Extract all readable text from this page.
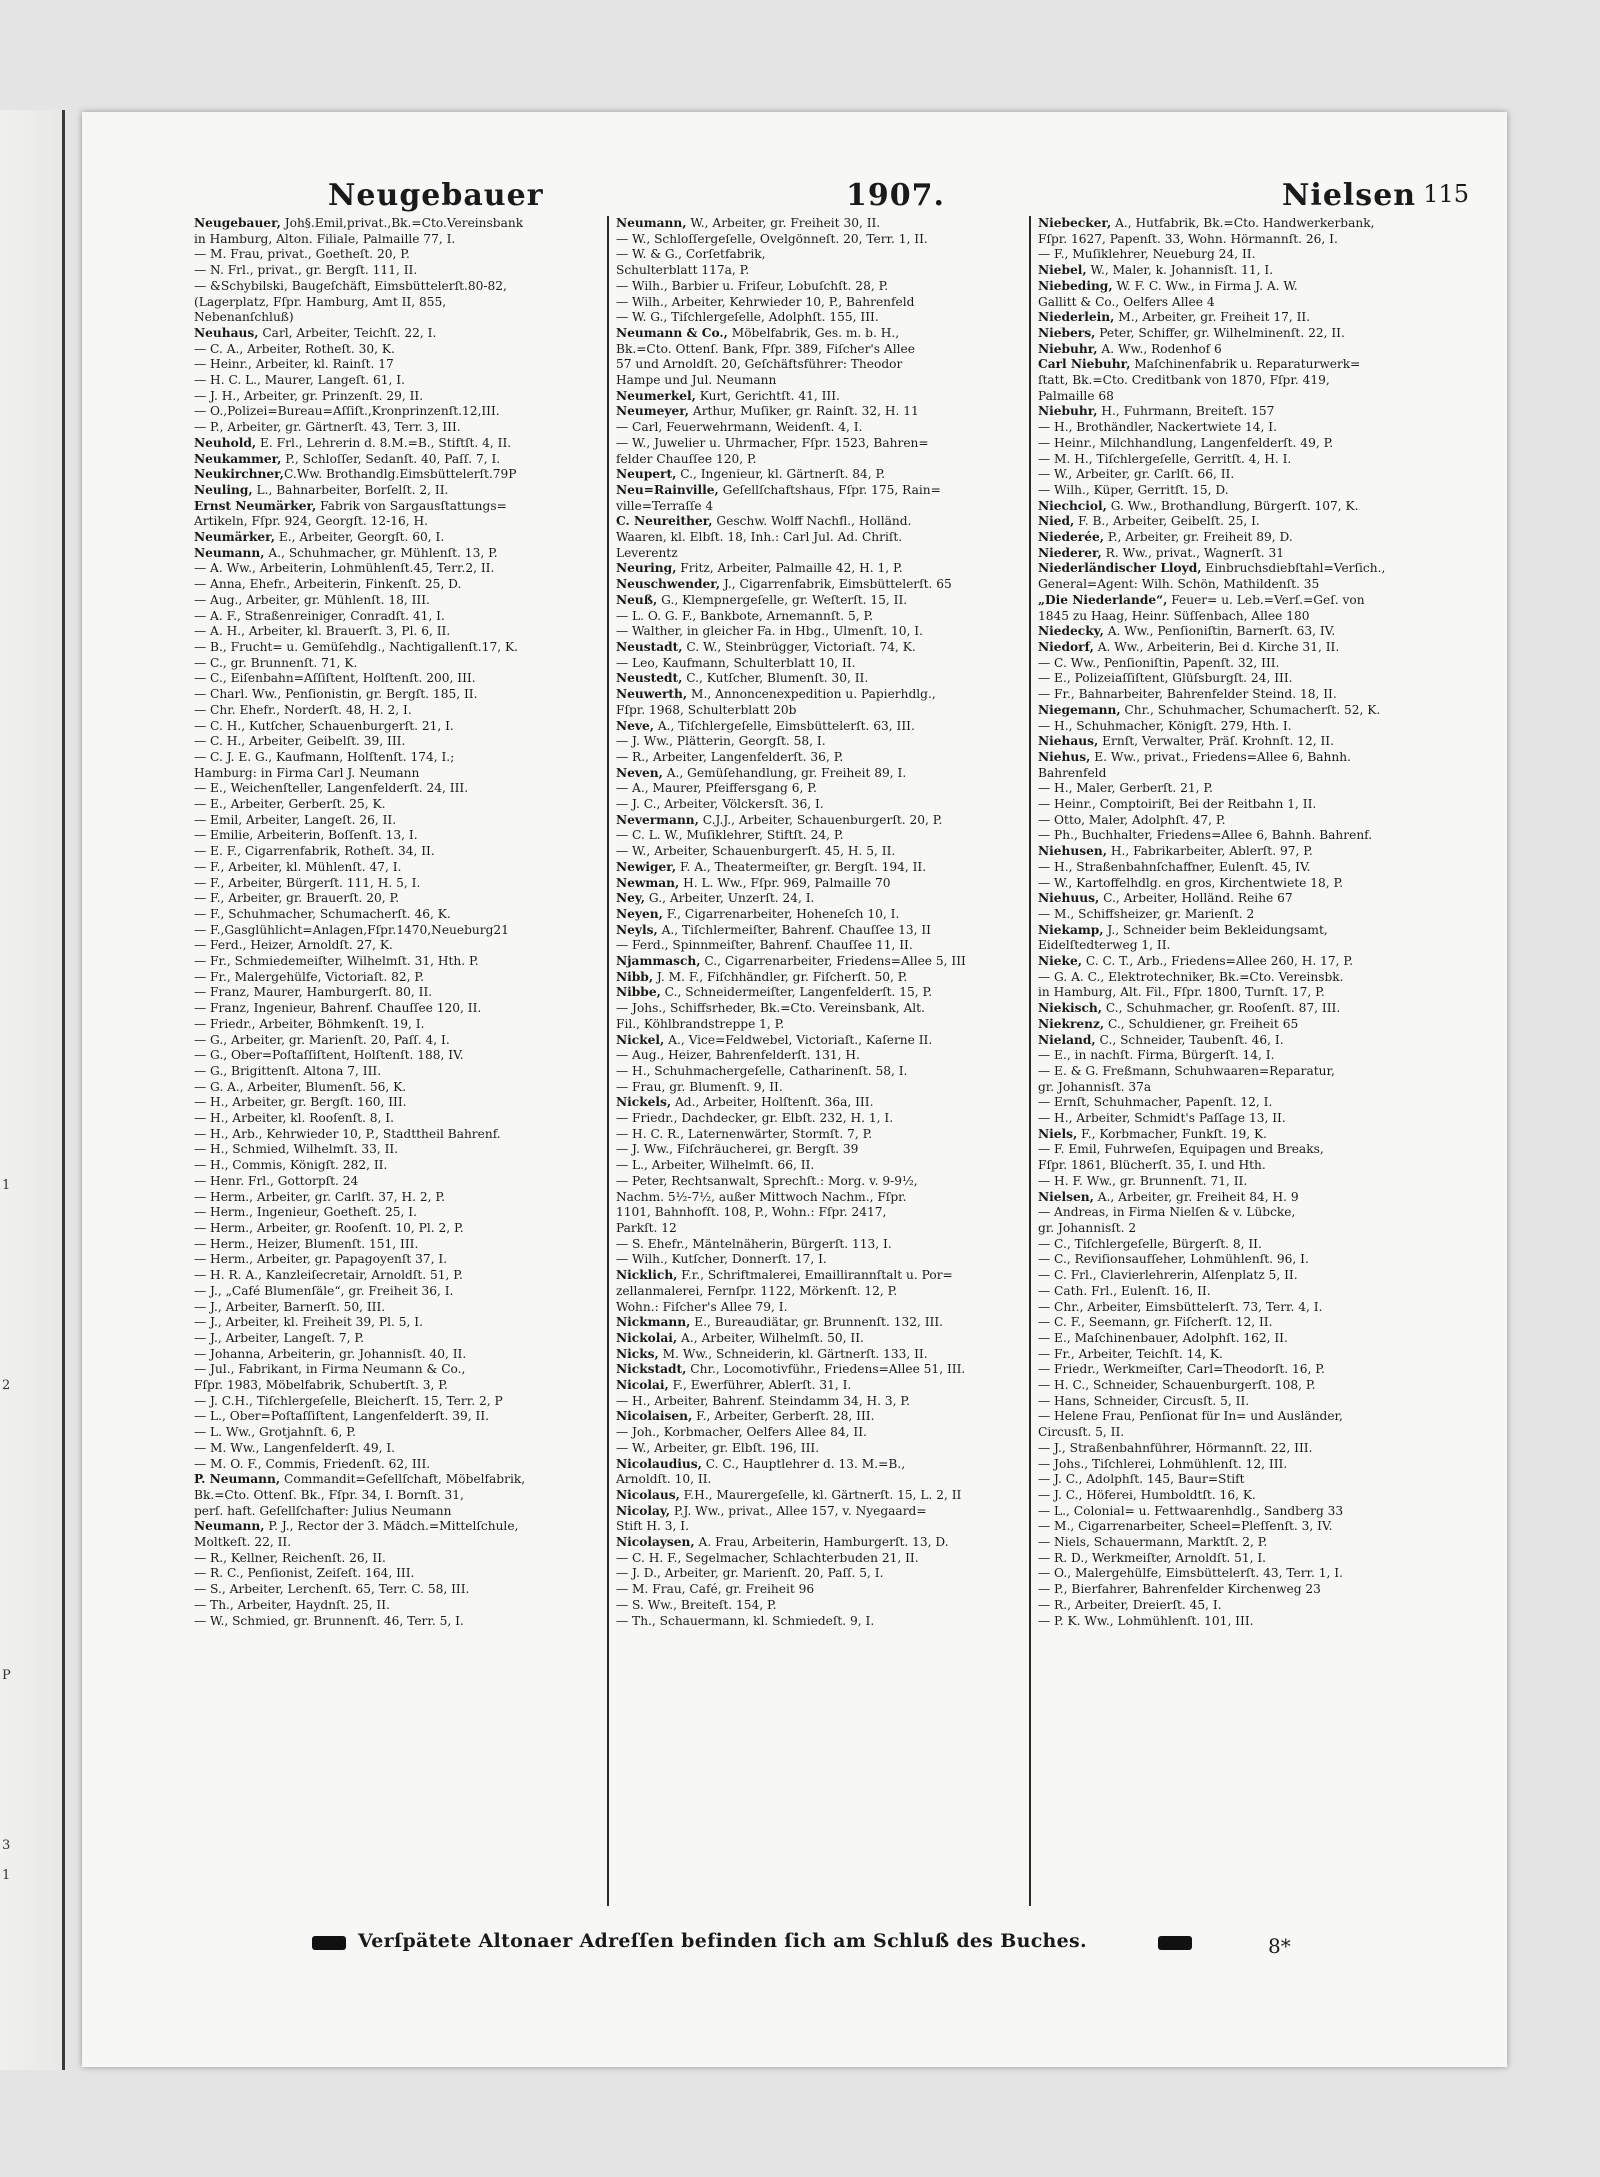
1
2
P
3
1
Neugebauer	1907.	Nielsen 115
Neugebauer, Joh§.Emil,privat.,Bk.=Cto.Vereinsbank
in Hamburg, Alton. Filiale, Palmaille 77, I.
— M. Frau, privat., Goetheſt. 20, P.
— N. Frl., privat., gr. Bergſt. 111, II.
— &Schybilski, Baugeſchäft, Eimsbüttelerſt.80-82,
(Lagerplatz, Fſpr. Hamburg, Amt II, 855,
Nebenanſchluß)
Neuhaus, Carl, Arbeiter, Teichſt. 22, I.
— C. A., Arbeiter, Rotheſt. 30, K.
— Heinr., Arbeiter, kl. Rainſt. 17
— H. C. L., Maurer, Langeſt. 61, I.
— J. H., Arbeiter, gr. Prinzenſt. 29, II.
— O.,Polizei=Bureau=Aſſiſt.,Kronprinzenſt.12,III.
— P., Arbeiter, gr. Gärtnerſt. 43, Terr. 3, III.
Neuhold, E. Frl., Lehrerin d. 8.M.=B., Stiftſt. 4, II.
Neukammer, P., Schloſſer, Sedanſt. 40, Paſſ. 7, I.
Neukirchner,C.Ww. Brothandlg.Eimsbüttelerſt.79P
Neuling, L., Bahnarbeiter, Borſelſt. 2, II.
Ernst Neumärker, Fabrik von Sargausſtattungs=
Artikeln, Fſpr. 924, Georgſt. 12-16, H.
Neumärker, E., Arbeiter, Georgſt. 60, I.
Neumann, A., Schuhmacher, gr. Mühlenſt. 13, P.
— A. Ww., Arbeiterin, Lohmühlenſt.45, Terr.2, II.
— Anna, Ehefr., Arbeiterin, Finkenſt. 25, D.
— Aug., Arbeiter, gr. Mühlenſt. 18, III.
— A. F., Straßenreiniger, Conradſt. 41, I.
— A. H., Arbeiter, kl. Brauerſt. 3, Pl. 6, II.
— B., Frucht= u. Gemüſehdlg., Nachtigallenſt.17, K.
— C., gr. Brunnenſt. 71, K.
— C., Eiſenbahn=Aſſiſtent, Holſtenſt. 200, III.
— Charl. Ww., Penſionistin, gr. Bergſt. 185, II.
— Chr. Ehefr., Norderſt. 48, H. 2, I.
— C. H., Kutſcher, Schauenburgerſt. 21, I.
— C. H., Arbeiter, Geibelſt. 39, III.
— C. J. E. G., Kaufmann, Holſtenſt. 174, I.;
Hamburg: in Firma Carl J. Neumann
— E., Weichenſteller, Langenfelderſt. 24, III.
— E., Arbeiter, Gerberſt. 25, K.
— Emil, Arbeiter, Langeſt. 26, II.
— Emilie, Arbeiterin, Boſſenſt. 13, I.
— E. F., Cigarrenfabrik, Rotheſt. 34, II.
— F., Arbeiter, kl. Mühlenſt. 47, I.
— F., Arbeiter, Bürgerſt. 111, H. 5, I.
— F., Arbeiter, gr. Brauerſt. 20, P.
— F., Schuhmacher, Schumacherſt. 46, K.
— F.,Gasglühlicht=Anlagen,Fſpr.1470,Neueburg21
— Ferd., Heizer, Arnoldſt. 27, K.
— Fr., Schmiedemeiſter, Wilhelmſt. 31, Hth. P.
— Fr., Malergehülfe, Victoriaſt. 82, P.
— Franz, Maurer, Hamburgerſt. 80, II.
— Franz, Ingenieur, Bahrenf. Chauſſee 120, II.
— Friedr., Arbeiter, Böhmkenſt. 19, I.
— G., Arbeiter, gr. Marienſt. 20, Paſſ. 4, I.
— G., Ober=Poſtaſſiſtent, Holſtenſt. 188, IV.
— G., Brigittenſt. Altona 7, III.
— G. A., Arbeiter, Blumenſt. 56, K.
— H., Arbeiter, gr. Bergſt. 160, III.
— H., Arbeiter, kl. Rooſenſt. 8, I.
— H., Arb., Kehrwieder 10, P., Stadttheil Bahrenf.
— H., Schmied, Wilhelmſt. 33, II.
— H., Commis, Königſt. 282, II.
— Henr. Frl., Gottorpſt. 24
— Herm., Arbeiter, gr. Carlſt. 37, H. 2, P.
— Herm., Ingenieur, Goetheſt. 25, I.
— Herm., Arbeiter, gr. Rooſenſt. 10, Pl. 2, P.
— Herm., Heizer, Blumenſt. 151, III.
— Herm., Arbeiter, gr. Papagoyenſt 37, I.
— H. R. A., Kanzleiſecretair, Arnoldſt. 51, P.
— J., „Café Blumenſäle“, gr. Freiheit 36, I.
— J., Arbeiter, Barnerſt. 50, III.
— J., Arbeiter, kl. Freiheit 39, Pl. 5, I.
— J., Arbeiter, Langeſt. 7, P.
— Johanna, Arbeiterin, gr. Johannisſt. 40, II.
— Jul., Fabrikant, in Firma Neumann & Co.,
Fſpr. 1983, Möbelfabrik, Schubertſt. 3, P.
— J. C.H., Tiſchlergeſelle, Bleicherſt. 15, Terr. 2, P
— L., Ober=Poſtaſſiſtent, Langenfelderſt. 39, II.
— L. Ww., Grotjahnſt. 6, P.
— M. Ww., Langenfelderſt. 49, I.
— M. O. F., Commis, Friedenſt. 62, III.
P. Neumann, Commandit=Geſellſchaft, Möbelfabrik,
Bk.=Cto. Ottenſ. Bk., Fſpr. 34, I. Bornſt. 31,
perſ. haft. Geſellſchafter: Julius Neumann
Neumann, P. J., Rector der 3. Mädch.=Mittelſchule,
Moltkeſt. 22, II.
— R., Kellner, Reichenſt. 26, II.
— R. C., Penſionist, Zeiſeſt. 164, III.
— S., Arbeiter, Lerchenſt. 65, Terr. C. 58, III.
— Th., Arbeiter, Haydnſt. 25, II.
— W., Schmied, gr. Brunnenſt. 46, Terr. 5, I.
Neumann, W., Arbeiter, gr. Freiheit 30, II.
— W., Schloſſergeſelle, Ovelgönneſt. 20, Terr. 1, II.
— W. & G., Corſetfabrik,
Schulterblatt 117a, P.
— Wilh., Barbier u. Friſeur, Lobuſchſt. 28, P.
— Wilh., Arbeiter, Kehrwieder 10, P., Bahrenfeld
— W. G., Tiſchlergeſelle, Adolphſt. 155, III.
Neumann & Co., Möbelfabrik, Ges. m. b. H.,
Bk.=Cto. Ottenſ. Bank, Fſpr. 389, Fiſcher's Allee
57 und Arnoldſt. 20, Geſchäftsführer: Theodor
Hampe und Jul. Neumann
Neumerkel, Kurt, Gerichtſt. 41, III.
Neumeyer, Arthur, Muſiker, gr. Rainſt. 32, H. 11
— Carl, Feuerwehrmann, Weidenſt. 4, I.
— W., Juwelier u. Uhrmacher, Fſpr. 1523, Bahren=
felder Chauſſee 120, P.
Neupert, C., Ingenieur, kl. Gärtnerſt. 84, P.
Neu=Rainville, Geſellſchaftshaus, Fſpr. 175, Rain=
ville=Terraſſe 4
C. Neureither, Geschw. Wolff Nachfl., Holländ.
Waaren, kl. Elbſt. 18, Inh.: Carl Jul. Ad. Chriſt.
Leverentz
Neuring, Fritz, Arbeiter, Palmaille 42, H. 1, P.
Neuschwender, J., Cigarrenfabrik, Eimsbüttelerſt. 65
Neuß, G., Klempnergeſelle, gr. Weſterſt. 15, II.
— L. O. G. F., Bankbote, Arnemannſt. 5, P.
— Walther, in gleicher Fa. in Hbg., Ulmenſt. 10, I.
Neustadt, C. W., Steinbrügger, Victoriaſt. 74, K.
— Leo, Kaufmann, Schulterblatt 10, II.
Neustedt, C., Kutſcher, Blumenſt. 30, II.
Neuwerth, M., Annoncenexpedition u. Papierhdlg.,
Fſpr. 1968, Schulterblatt 20b
Neve, A., Tiſchlergeſelle, Eimsbüttelerſt. 63, III.
— J. Ww., Plätterin, Georgſt. 58, I.
— R., Arbeiter, Langenfelderſt. 36, P.
Neven, A., Gemüſehandlung, gr. Freiheit 89, I.
— A., Maurer, Pfeiffersgang 6, P.
— J. C., Arbeiter, Völckersſt. 36, I.
Nevermann, C.J.J., Arbeiter, Schauenburgerſt. 20, P.
— C. L. W., Muſiklehrer, Stiftſt. 24, P.
— W., Arbeiter, Schauenburgerſt. 45, H. 5, II.
Newiger, F. A., Theatermeiſter, gr. Bergſt. 194, II.
Newman, H. L. Ww., Fſpr. 969, Palmaille 70
Ney, G., Arbeiter, Unzerſt. 24, I.
Neyen, F., Cigarrenarbeiter, Hoheneſch 10, I.
Neyls, A., Tiſchlermeiſter, Bahrenf. Chauſſee 13, II
— Ferd., Spinnmeiſter, Bahrenf. Chauſſee 11, II.
Njammasch, C., Cigarrenarbeiter, Friedens=Allee 5, III
Nibb, J. M. F., Fiſchhändler, gr. Fiſcherſt. 50, P.
Nibbe, C., Schneidermeiſter, Langenfelderſt. 15, P.
— Johs., Schiffsrheder, Bk.=Cto. Vereinsbank, Alt.
Fil., Köhlbrandstreppe 1, P.
Nickel, A., Vice=Feldwebel, Victoriaſt., Kaſerne II.
— Aug., Heizer, Bahrenfelderſt. 131, H.
— H., Schuhmachergeſelle, Catharinenſt. 58, I.
— Frau, gr. Blumenſt. 9, II.
Nickels, Ad., Arbeiter, Holſtenſt. 36a, III.
— Friedr., Dachdecker, gr. Elbſt. 232, H. 1, I.
— H. C. R., Laternenwärter, Stormſt. 7, P.
— J. Ww., Fiſchräucherei, gr. Bergſt. 39
— L., Arbeiter, Wilhelmſt. 66, II.
— Peter, Rechtsanwalt, Sprechſt.: Morg. v. 9-9½,
Nachm. 5½-7½, außer Mittwoch Nachm., Fſpr.
1101, Bahnhofſt. 108, P., Wohn.: Fſpr. 2417,
Parkſt. 12
— S. Ehefr., Mäntelnäherin, Bürgerſt. 113, I.
— Wilh., Kutſcher, Donnerſt. 17, I.
Nicklich, F.r., Schriftmalerei, Emaillirannſtalt u. Por=
zellanmalerei, Fernſpr. 1122, Mörkenſt. 12, P.
Wohn.: Fiſcher's Allee 79, I.
Nickmann, E., Bureaudiätar, gr. Brunnenſt. 132, III.
Nickolai, A., Arbeiter, Wilhelmſt. 50, II.
Nicks, M. Ww., Schneiderin, kl. Gärtnerſt. 133, II.
Nickstadt, Chr., Locomotivführ., Friedens=Allee 51, III.
Nicolai, F., Ewerführer, Ablerſt. 31, I.
— H., Arbeiter, Bahrenf. Steindamm 34, H. 3, P.
Nicolaisen, F., Arbeiter, Gerberſt. 28, III.
— Joh., Korbmacher, Oelfers Allee 84, II.
— W., Arbeiter, gr. Elbſt. 196, III.
Nicolaudius, C. C., Hauptlehrer d. 13. M.=B.,
Arnoldſt. 10, II.
Nicolaus, F.H., Maurergeſelle, kl. Gärtnerſt. 15, L. 2, II
Nicolay, P.J. Ww., privat., Allee 157, v. Nyegaard=
Stift H. 3, I.
Nicolaysen, A. Frau, Arbeiterin, Hamburgerſt. 13, D.
— C. H. F., Segelmacher, Schlachterbuden 21, II.
— J. D., Arbeiter, gr. Marienſt. 20, Paſſ. 5, I.
— M. Frau, Café, gr. Freiheit 96
— S. Ww., Breiteſt. 154, P.
— Th., Schauermann, kl. Schmiedeſt. 9, I.
Niebecker, A., Hutfabrik, Bk.=Cto. Handwerkerbank,
Fſpr. 1627, Papenſt. 33, Wohn. Hörmannſt. 26, I.
— F., Muſiklehrer, Neueburg 24, II.
Niebel, W., Maler, k. Johannisſt. 11, I.
Niebeding, W. F. C. Ww., in Firma J. A. W.
Gallitt & Co., Oelfers Allee 4
Niederlein, M., Arbeiter, gr. Freiheit 17, II.
Niebers, Peter, Schiffer, gr. Wilhelminenſt. 22, II.
Niebuhr, A. Ww., Rodenhof 6
Carl Niebuhr, Maſchinenfabrik u. Reparaturwerk=
ſtatt, Bk.=Cto. Creditbank von 1870, Fſpr. 419,
Palmaille 68
Niebuhr, H., Fuhrmann, Breiteſt. 157
— H., Brothändler, Nackertwiete 14, I.
— Heinr., Milchhandlung, Langenfelderſt. 49, P.
— M. H., Tiſchlergeſelle, Gerritſt. 4, H. I.
— W., Arbeiter, gr. Carlſt. 66, II.
— Wilh., Küper, Gerritſt. 15, D.
Niechciol, G. Ww., Brothandlung, Bürgerſt. 107, K.
Nied, F. B., Arbeiter, Geibelſt. 25, I.
Niederée, P., Arbeiter, gr. Freiheit 89, D.
Niederer, R. Ww., privat., Wagnerſt. 31
Niederländischer Lloyd, Einbruchsdiebſtahl=Verſich.,
General=Agent: Wilh. Schön, Mathildenſt. 35
„Die Niederlande“, Feuer= u. Leb.=Verſ.=Geſ. von
1845 zu Haag, Heinr. Süſſenbach, Allee 180
Niedecky, A. Ww., Penſioniſtin, Barnerſt. 63, IV.
Niedorf, A. Ww., Arbeiterin, Bei d. Kirche 31, II.
— C. Ww., Penſioniſtin, Papenſt. 32, III.
— E., Polizeiaſſiſtent, Glüſsburgſt. 24, III.
— Fr., Bahnarbeiter, Bahrenfelder Steind. 18, II.
Niegemann, Chr., Schuhmacher, Schumacherſt. 52, K.
— H., Schuhmacher, Königſt. 279, Hth. I.
Niehaus, Ernſt, Verwalter, Präſ. Krohnſt. 12, II.
Niehus, E. Ww., privat., Friedens=Allee 6, Bahnh.
Bahrenfeld
— H., Maler, Gerberſt. 21, P.
— Heinr., Comptoiriſt, Bei der Reitbahn 1, II.
— Otto, Maler, Adolphſt. 47, P.
— Ph., Buchhalter, Friedens=Allee 6, Bahnh. Bahrenf.
Niehusen, H., Fabrikarbeiter, Ablerſt. 97, P.
— H., Straßenbahnſchaffner, Eulenſt. 45, IV.
— W., Kartoffelhdlg. en gros, Kirchentwiete 18, P.
Niehuus, C., Arbeiter, Holländ. Reihe 67
— M., Schiffsheizer, gr. Marienſt. 2
Niekamp, J., Schneider beim Bekleidungsamt,
Eidelſtedterweg 1, II.
Nieke, C. C. T., Arb., Friedens=Allee 260, H. 17, P.
— G. A. C., Elektrotechniker, Bk.=Cto. Vereinsbk.
in Hamburg, Alt. Fil., Fſpr. 1800, Turnſt. 17, P.
Niekisch, C., Schuhmacher, gr. Rooſenſt. 87, III.
Niekrenz, C., Schuldiener, gr. Freiheit 65
Nieland, C., Schneider, Taubenſt. 46, I.
— E., in nachſt. Firma, Bürgerſt. 14, I.
— E. & G. Freßmann, Schuhwaaren=Reparatur,
gr. Johannisſt. 37a
— Ernſt, Schuhmacher, Papenſt. 12, I.
— H., Arbeiter, Schmidt's Paſſage 13, II.
Niels, F., Korbmacher, Funkſt. 19, K.
— F. Emil, Fuhrweſen, Equipagen und Breaks,
Fſpr. 1861, Blücherſt. 35, I. und Hth.
— H. F. Ww., gr. Brunnenſt. 71, II.
Nielsen, A., Arbeiter, gr. Freiheit 84, H. 9
— Andreas, in Firma Nielſen & v. Lübcke,
gr. Johannisſt. 2
— C., Tiſchlergeſelle, Bürgerſt. 8, II.
— C., Reviſionsaufſeher, Lohmühlenſt. 96, I.
— C. Frl., Clavierlehrerin, Alſenplatz 5, II.
— Cath. Frl., Eulenſt. 16, II.
— Chr., Arbeiter, Eimsbüttelerſt. 73, Terr. 4, I.
— C. F., Seemann, gr. Fiſcherſt. 12, II.
— E., Maſchinenbauer, Adolphſt. 162, II.
— Fr., Arbeiter, Teichſt. 14, K.
— Friedr., Werkmeiſter, Carl=Theodorſt. 16, P.
— H. C., Schneider, Schauenburgerſt. 108, P.
— Hans, Schneider, Circusſt. 5, II.
— Helene Frau, Penſionat für In= und Ausländer,
Circusſt. 5, II.
— J., Straßenbahnführer, Hörmannſt. 22, III.
— Johs., Tiſchlerei, Lohmühlenſt. 12, III.
— J. C., Adolphſt. 145, Baur=Stift
— J. C., Höferei, Humboldtſt. 16, K.
— L., Colonial= u. Fettwaarenhdlg., Sandberg 33
— M., Cigarrenarbeiter, Scheel=Pleſſenſt. 3, IV.
— Niels, Schauermann, Marktſt. 2, P.
— R. D., Werkmeiſter, Arnoldſt. 51, I.
— O., Malergehülfe, Eimsbüttelerſt. 43, Terr. 1, I.
— P., Bierfahrer, Bahrenfelder Kirchenweg 23
— R., Arbeiter, Dreierſt. 45, I.
— P. K. Ww., Lohmühlenſt. 101, III.
Verſpätete Altonaer Adreſſen befinden ſich am Schluß des Buches.	8*
